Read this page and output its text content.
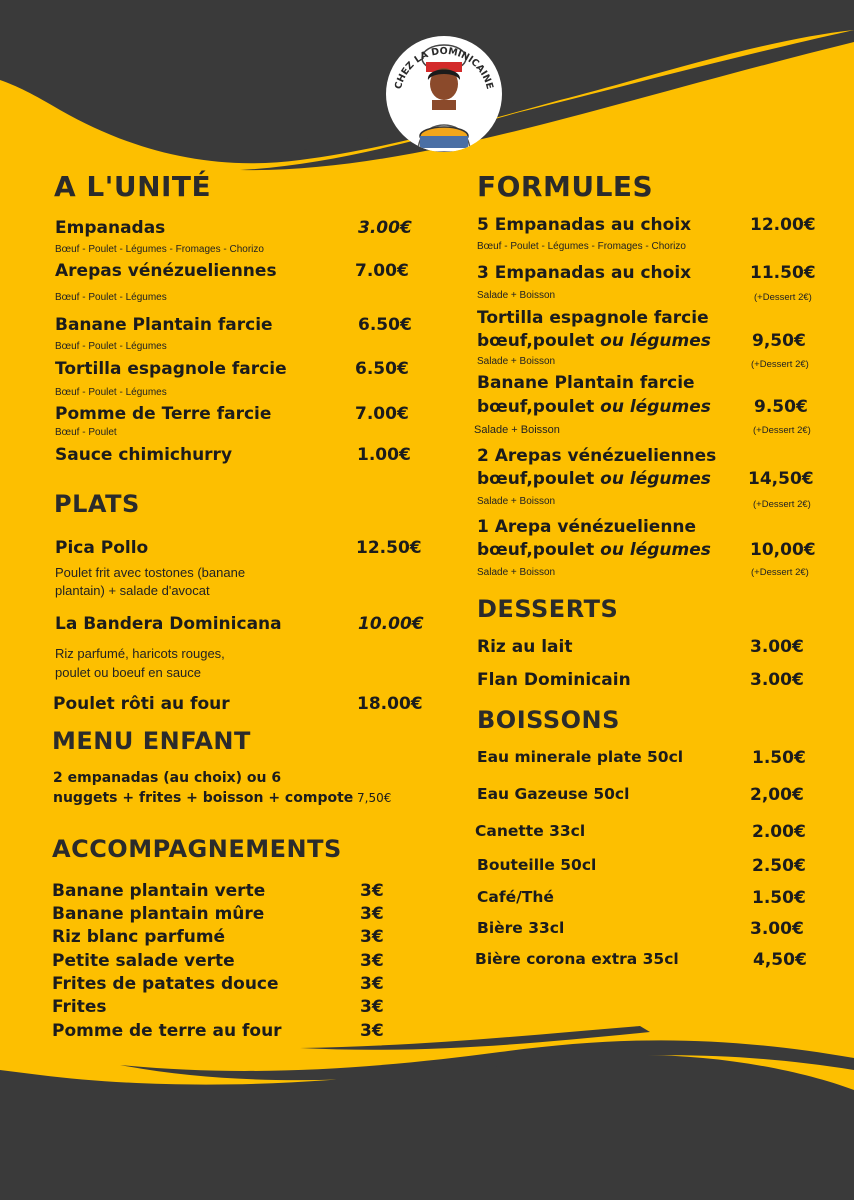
CHEZ LA DOMINICAINE
A L'UNITÉ
Empanadas	3.00€
Bœuf - Poulet - Légumes - Fromages - Chorizo
Arepas vénézueliennes	7.00€
Bœuf - Poulet - Légumes
Banane Plantain farcie	6.50€
Bœuf - Poulet - Légumes
Tortilla espagnole farcie	6.50€
Bœuf - Poulet - Légumes
Pomme de Terre farcie	7.00€
Bœuf - Poulet
Sauce chimichurry	1.00€
PLATS
Pica Pollo	12.50€
Poulet frit avec tostones (banane
plantain) + salade d'avocat
La Bandera Dominicana	10.00€
Riz parfumé, haricots rouges,
poulet ou boeuf en sauce
Poulet rôti au four	18.00€
MENU ENFANT
2 empanadas (au choix) ou 6
nuggets + frites + boisson + compote 7,50€
ACCOMPAGNEMENTS
Banane plantain verte	3€
Banane plantain mûre	3€
Riz blanc parfumé	3€
Petite salade verte	3€
Frites de patates douce	3€
Frites	3€
Pomme de terre au four	3€
FORMULES
5 Empanadas au choix	12.00€
Bœuf - Poulet - Légumes - Fromages - Chorizo
3 Empanadas au choix	11.50€
Salade + Boisson	(+Dessert 2€)
Tortilla espagnole farcie
bœuf,poulet ou légumes 9,50€
Salade + Boisson	(+Dessert 2€)
Banane Plantain farcie
bœuf,poulet ou légumes	9.50€
Salade + Boisson	(+Dessert 2€)
2 Arepas vénézueliennes
bœuf,poulet ou légumes 14,50€
Salade + Boisson	(+Dessert 2€)
1 Arepa vénézuelienne
bœuf,poulet ou légumes 10,00€
Salade + Boisson	(+Dessert 2€)
DESSERTS
Riz au lait	3.00€
Flan Dominicain	3.00€
BOISSONS
Eau minerale plate 50cl	1.50€
Eau Gazeuse 50cl	2,00€
Canette 33cl	2.00€
Bouteille 50cl	2.50€
Café/Thé	1.50€
Bière 33cl	3.00€
Bière corona extra 35cl	4,50€
